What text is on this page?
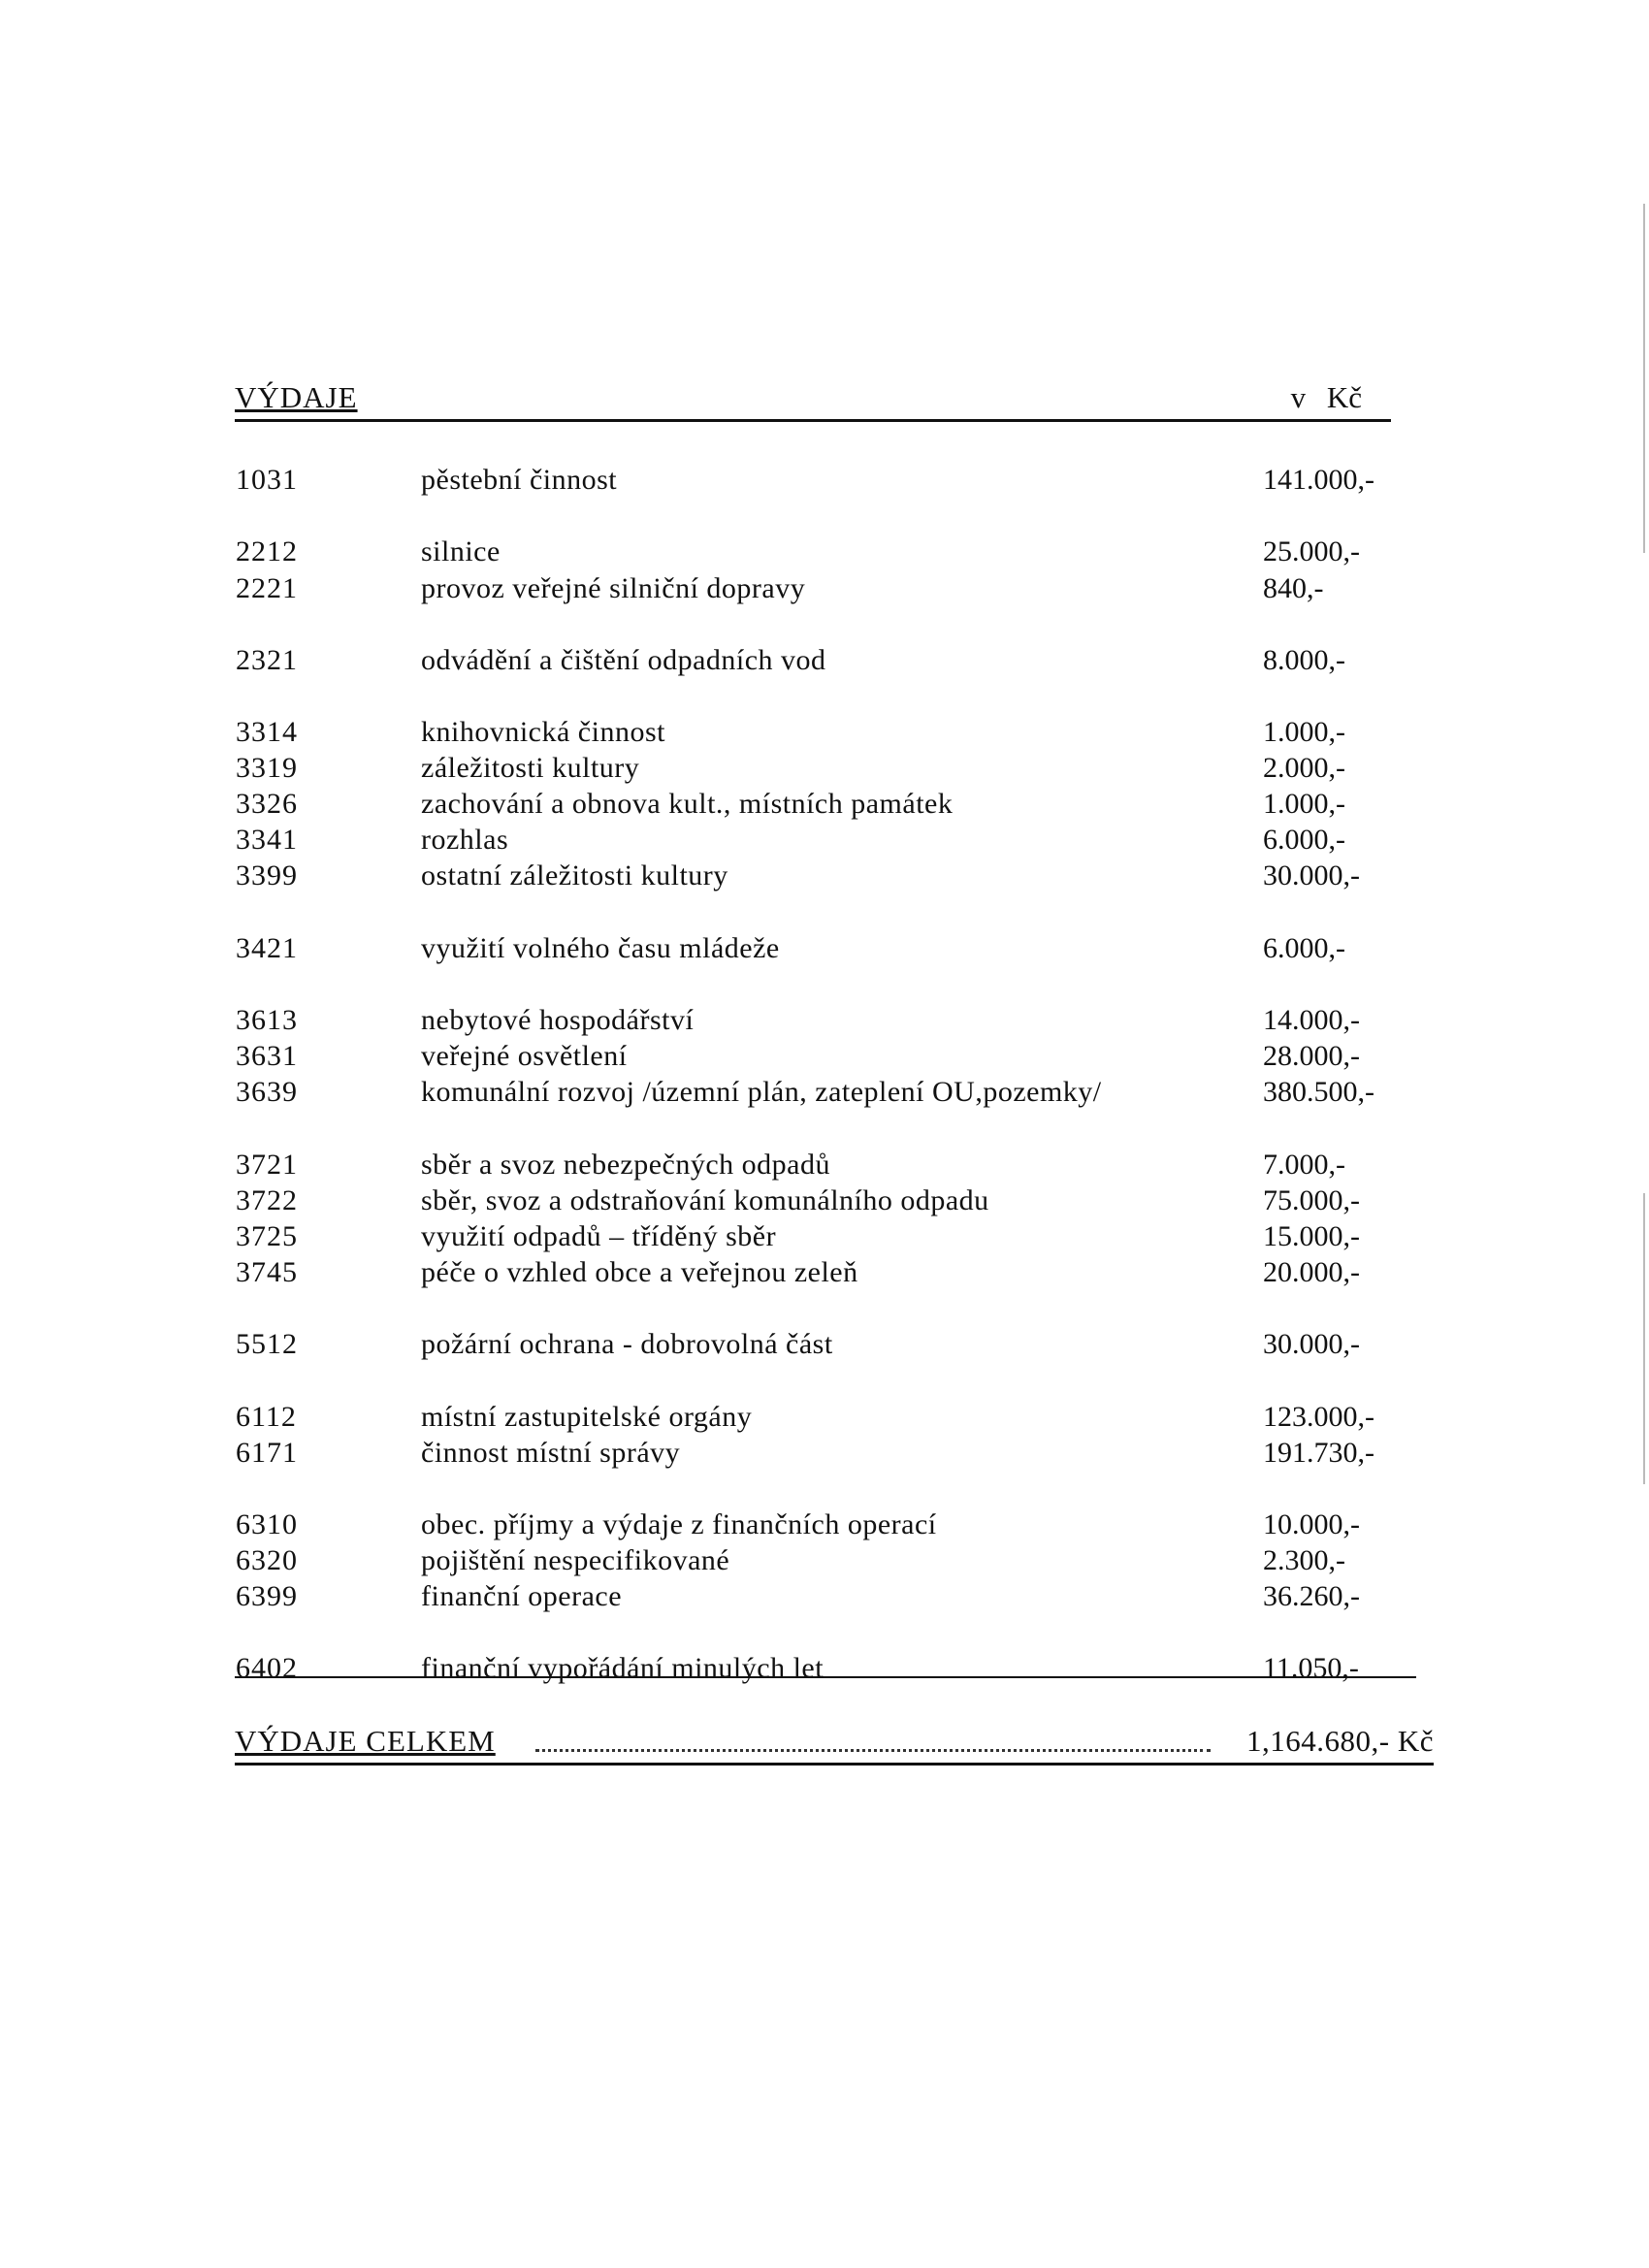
VÝDAJE	v Kč
1031	pěstební činnost	141.000,-
2212	silnice	25.000,-
2221	provoz veřejné silniční dopravy	840,-
2321	odvádění a čištění odpadních vod	8.000,-
3314	knihovnická činnost	1.000,-
3319	záležitosti kultury	2.000,-
3326	zachování a obnova kult., místních památek	1.000,-
3341	rozhlas	6.000,-
3399	ostatní záležitosti kultury	30.000,-
3421	využití volného času mládeže	6.000,-
3613	nebytové hospodářství	14.000,-
3631	veřejné osvětlení	28.000,-
3639	komunální rozvoj /územní plán, zateplení OU,pozemky/	380.500,-
3721	sběr a svoz nebezpečných odpadů	7.000,-
3722	sběr, svoz a odstraňování komunálního odpadu	75.000,-
3725	využití odpadů – tříděný sběr	15.000,-
3745	péče o vzhled obce a veřejnou zeleň	20.000,-
5512	požární ochrana - dobrovolná část	30.000,-
6112	místní zastupitelské orgány	123.000,-
6171	činnost místní správy	191.730,-
6310	obec. příjmy a výdaje z finančních operací	10.000,-
6320	pojištění nespecifikované	2.300,-
6399	finanční operace	36.260,-
6402	finanční vypořádání minulých let	11.050,-
VÝDAJE CELKEM	1,164.680,- Kč
